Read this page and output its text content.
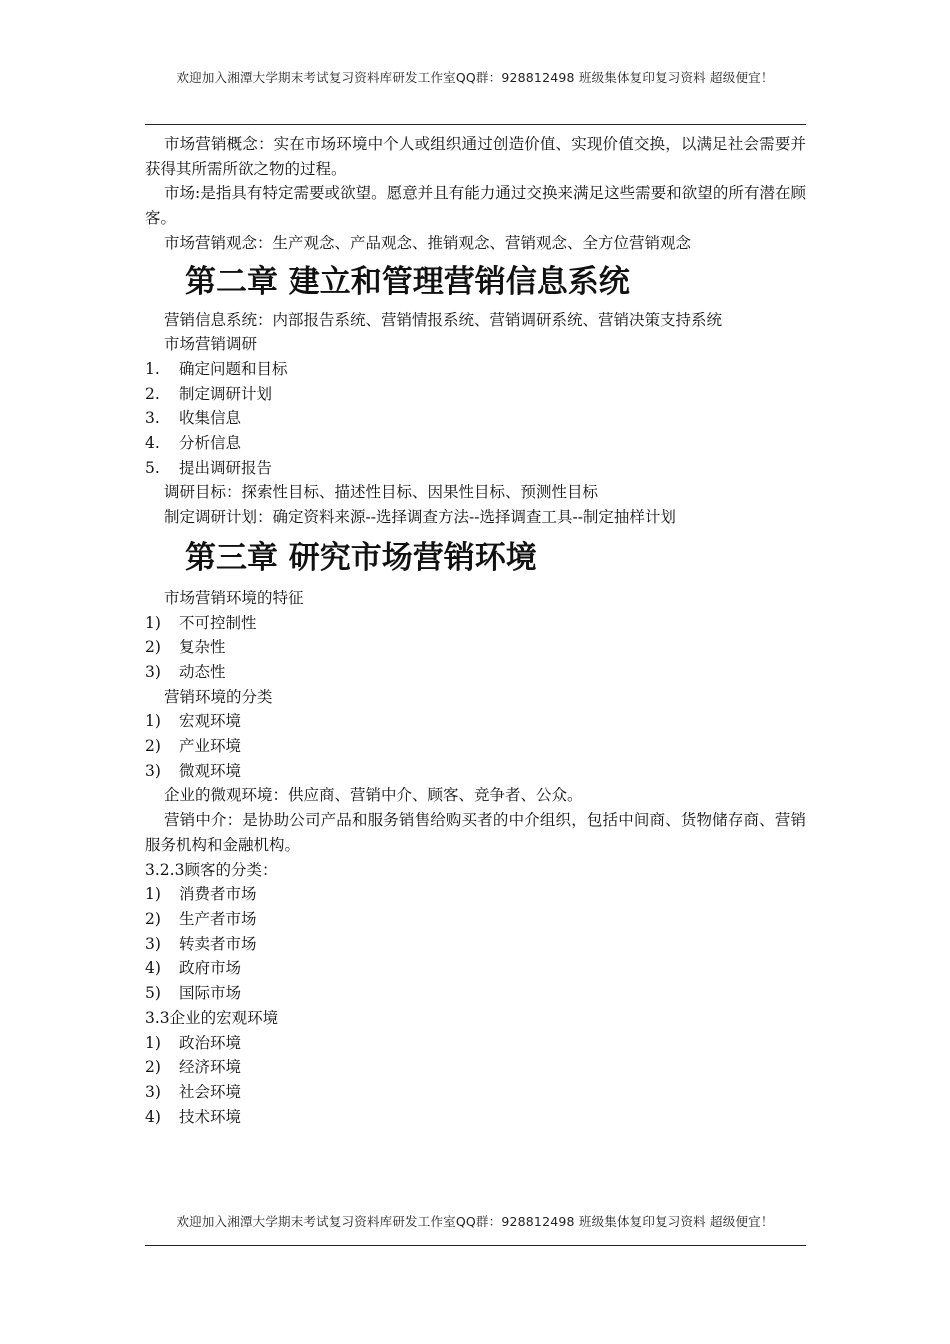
欢迎加入湘潭大学期末考试复习资料库研发工作室QQ群：928812498 班级集体复印复习资料 超级便宜！

市场营销概念：实在市场环境中个人或组织通过创造价值、实现价值交换，以满足社会需要并获得其所需所欲之物的过程。

市场:是指具有特定需要或欲望。愿意并且有能力通过交换来满足这些需要和欲望的所有潜在顾客。

市场营销观念：生产观念、产品观念、推销观念、营销观念、全方位营销观念

第二章 建立和管理营销信息系统

营销信息系统：内部报告系统、营销情报系统、营销调研系统、营销决策支持系统

市场营销调研

1.	确定问题和目标
2.	制定调研计划
3.	收集信息
4.	分析信息
5.	提出调研报告

调研目标：探索性目标、描述性目标、因果性目标、预测性目标

制定调研计划：确定资料来源--选择调查方法--选择调查工具--制定抽样计划

第三章 研究市场营销环境

市场营销环境的特征

1)	不可控制性
2)	复杂性
3)	动态性

营销环境的分类

1)	宏观环境
2)	产业环境
3)	微观环境

企业的微观环境：供应商、营销中介、顾客、竞争者、公众。

营销中介：是协助公司产品和服务销售给购买者的中介组织，包括中间商、货物储存商、营销服务机构和金融机构。

3.2.3顾客的分类：

1)	消费者市场
2)	生产者市场
3)	转卖者市场
4)	政府市场
5)	国际市场

3.3企业的宏观环境

1)	政治环境
2)	经济环境
3)	社会环境
4)	技术环境
欢迎加入湘潭大学期末考试复习资料库研发工作室QQ群：928812498 班级集体复印复习资料 超级便宜！
